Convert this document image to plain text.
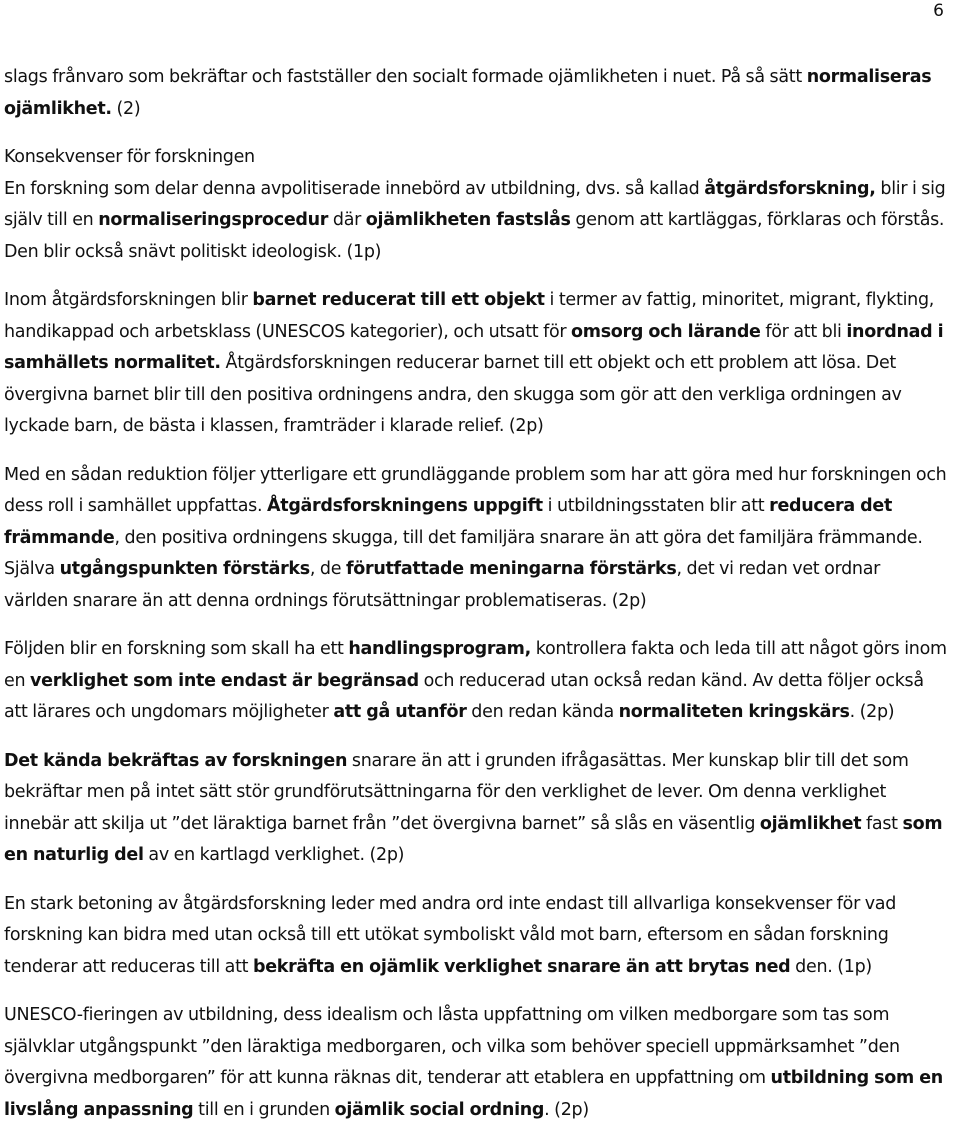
6

slags frånvaro som bekräftar och fastställer den socialt formade ojämlikheten i nuet. På så sätt normaliseras ojämlikhet. (2)

Konsekvenser för forskningen

En forskning som delar denna avpolitiserade innebörd av utbildning, dvs. så kallad åtgärdsforskning, blir i sig själv till en normaliseringsprocedur där ojämlikheten fastslås genom att kartläggas, förklaras och förstås. Den blir också snävt politiskt ideologisk. (1p)

Inom åtgärdsforskningen blir barnet reducerat till ett objekt i termer av fattig, minoritet, migrant, flykting, handikappad och arbetsklass (UNESCOS kategorier), och utsatt för omsorg och lärande för att bli inordnad i samhällets normalitet. Åtgärdsforskningen reducerar barnet till ett objekt och ett problem att lösa. Det övergivna barnet blir till den positiva ordningens andra, den skugga som gör att den verkliga ordningen av lyckade barn, de bästa i klassen, framträder i klarade relief. (2p)

Med en sådan reduktion följer ytterligare ett grundläggande problem som har att göra med hur forskningen och dess roll i samhället uppfattas. Åtgärdsforskningens uppgift i utbildningsstaten blir att reducera det främmande, den positiva ordningens skugga, till det familjära snarare än att göra det familjära främmande. Själva utgångspunkten förstärks, de förutfattade meningarna förstärks, det vi redan vet ordnar världen snarare än att denna ordnings förutsättningar problematiseras. (2p)

Följden blir en forskning som skall ha ett handlingsprogram, kontrollera fakta och leda till att något görs inom en verklighet som inte endast är begränsad och reducerad utan också redan känd. Av detta följer också att lärares och ungdomars möjligheter att gå utanför den redan kända normaliteten kringskärs. (2p)

Det kända bekräftas av forskningen snarare än att i grunden ifrågasättas. Mer kunskap blir till det som bekräftar men på intet sätt stör grundförutsättningarna för den verklighet de lever. Om denna verklighet innebär att skilja ut ”det läraktiga barnet från ”det övergivna barnet” så slås en väsentlig ojämlikhet fast som en naturlig del av en kartlagd verklighet. (2p)

En stark betoning av åtgärdsforskning leder med andra ord inte endast till allvarliga konsekvenser för vad forskning kan bidra med utan också till ett utökat symboliskt våld mot barn, eftersom en sådan forskning tenderar att reduceras till att bekräfta en ojämlik verklighet snarare än att brytas ned den. (1p)

UNESCO-fieringen av utbildning, dess idealism och låsta uppfattning om vilken medborgare som tas som självklar utgångspunkt ”den läraktiga medborgaren, och vilka som behöver speciell uppmärksamhet ”den övergivna medborgaren” för att kunna räknas dit, tenderar att etablera en uppfattning om utbildning som en livslång anpassning till en i grunden ojämlik social ordning. (2p)
